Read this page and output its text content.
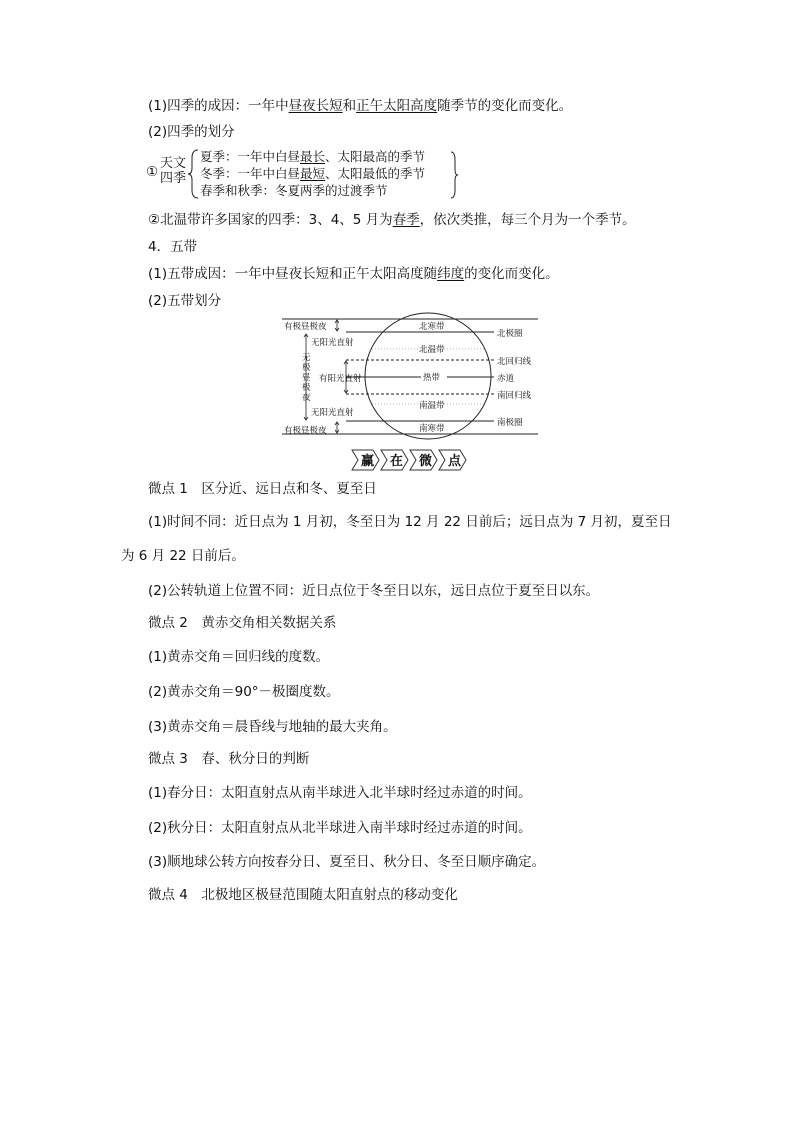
(1)四季的成因：一年中昼夜长短和正午太阳高度随季节的变化而变化。
(2)四季的划分
①
天文
四季
夏季：一年中白昼最长、太阳最高的季节
冬季：一年中白昼最短、太阳最低的季节
春季和秋季：冬夏两季的过渡季节
②北温带许多国家的四季：3、4、5 月为春季，依次类推，每三个月为一个季节。
4．五带
(1)五带成因：一年中昼夜长短和正午太阳高度随纬度的变化而变化。
(2)五带划分
有极昼极夜
有极昼极夜
无阳光直射
无阳光直射
有阳光直射
无
极
昼
极
夜
北寒带
北温带
热带
南温带
南寒带
北极圈
北回归线
赤道
南回归线
南极圈
赢 在 微 点
微点 1　区分近、远日点和冬、夏至日
(1)时间不同：近日点为 1 月初，冬至日为 12 月 22 日前后；远日点为 7 月初，夏至日
为 6 月 22 日前后。
(2)公转轨道上位置不同：近日点位于冬至日以东，远日点位于夏至日以东。
微点 2　黄赤交角相关数据关系
(1)黄赤交角＝回归线的度数。
(2)黄赤交角＝90°－极圈度数。
(3)黄赤交角＝晨昏线与地轴的最大夹角。
微点 3　春、秋分日的判断
(1)春分日：太阳直射点从南半球进入北半球时经过赤道的时间。
(2)秋分日：太阳直射点从北半球进入南半球时经过赤道的时间。
(3)顺地球公转方向按春分日、夏至日、秋分日、冬至日顺序确定。
微点 4　北极地区极昼范围随太阳直射点的移动变化
